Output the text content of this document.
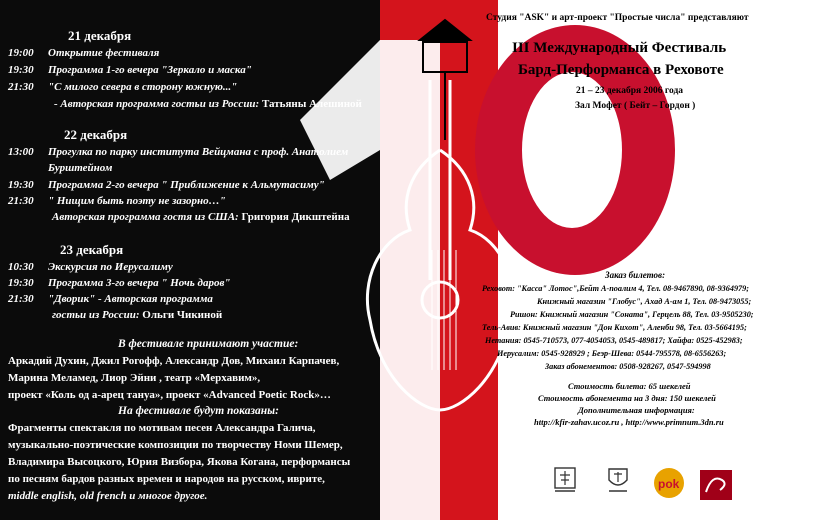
21 декабря
19:00 Открытие фестиваля
19:30 Программа 1-го вечера "Зеркало и маска"
21:30 "С милого севера в сторону южную..."
- Авторская программа гостьи из России: Татьяны Алешиной
22 декабря
13:00 Прогулка по парку института Вейцмана с проф. Анатолием
Бурштейном
19:30 Программа 2-го вечера " Приближение к Альмутасиму"
21:30 " Нищим быть поэту не зазорно…"
Авторская программа гостя из США: Григория Дикштейна
23 декабря
10:30 Экскурсия по Иерусалиму
19:30 Программа 3-го вечера " Ночь даров"
21:30 "Дворик" - Авторская программа
гостьи из России: Ольги Чикиной
В фестивале принимают участие:
Аркадий Духин, Джил Рогофф, Александр Дов, Михаил Карпачев,
Марина Меламед, Лиор Эйни , театр «Мерхавим»,
проект «Коль од а-арец тануа», проект «Advanced Poetic Rock»…
На фестивале будут показаны:
Фрагменты спектакля по мотивам песен Александра Галича,
музыкально-поэтические композиции по творчеству Номи Шемер,
Владимира Высоцкого, Юрия Визбора, Якова Когана, перформансы
по песням бардов разных времен и народов на русском, иврите,
middle english, old french и многое другое.
Студия "ASK" и арт-проект "Простые числа" представляют
III Международный Фестиваль
Бард-Перформанса в Реховоте
21 – 23 декабря 2006 года
Зал Мофет ( Бейт – Гордон )
Заказ билетов:
Реховот: "Касса" Лотос",Бейт А-поалим 4, Тел. 08-9467890, 08-9364979;
Книжный магазин "Глобус", Ахад А-ам 1, Тел. 08-9473055;
Ришон: Книжный магазин "Соната", Герцель 88, Тел. 03-9505230;
Тель-Авив: Книжный магазин "Дон Кихот", Аленби 98, Тел. 03-5664195;
Нетания: 0545-710573, 077-4054053, 0545-489817; Хайфа: 0525-452983;
Иерусалим: 0545-928929 ; Беэр-Шева: 0544-795578, 08-6556263;
Заказ абонементов: 0508-928267, 0547-594998
Стоимость билета: 65 шекелей
Стоимость абонемента на 3 дня: 150 шекелей
Дополнительная информация:
http://kfir-zahav.ucoz.ru , http://www.primnum.3dn.ru
pok
